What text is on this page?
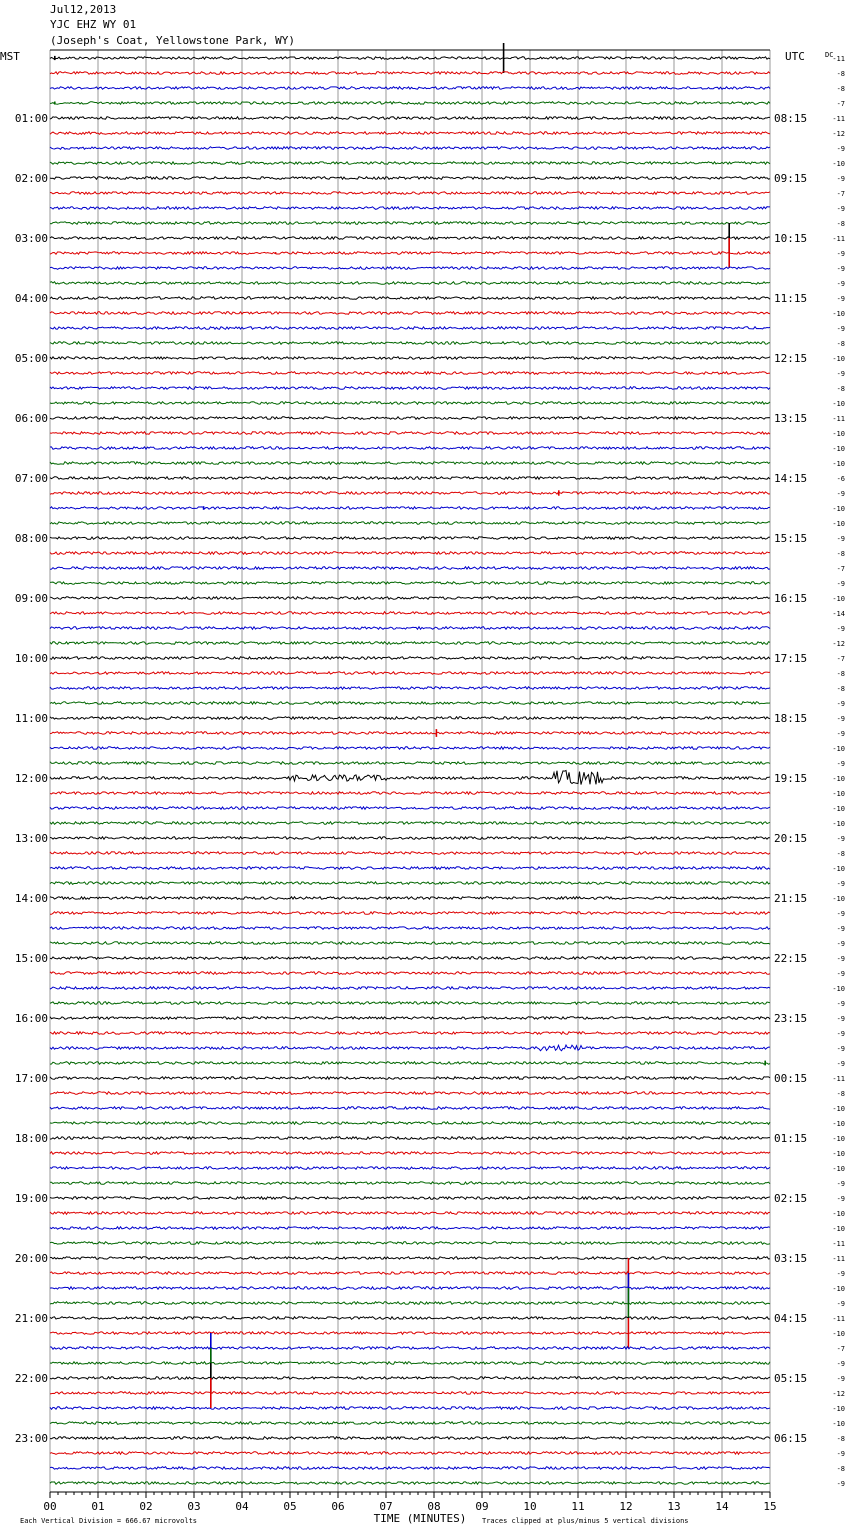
Jul12,2013
YJC EHZ WY 01
(Joseph's Coat, Yellowstone Park, WY)
00	01	02	03	04	05	06	07	08	09	10	11	12	13	14	15
-11
-8
-8
-7
-11
-12
-9
-10
-9
-7
-9
-8
-11
-9
-9
-9
-9
-10
-9
-8
-10
-9
-8
-10
-11
-10
-10
-10
-6
-9
-10
-10
-9
-8
-7
-9
-10
-14
-9
-12
-7
-8
-8
-9
-9
-9
-10
-9
-10
-10
-10
-10
-9
-8
-10
-9
-10
-9
-9
-9
-9
-9
-10
-9
-9
-9
-9
-9
-11
-8
-10
-10
-10
-10
-10
-9
-9
-10
-10
-11
-11
-9
-10
-9
-11
-10
-7
-9
-9
-12
-10
-10
-8
-9
-8
-9
01:00
02:00
03:00
04:00
05:00
06:00
07:00
08:00
09:00
10:00
11:00
12:00
13:00
14:00
15:00
16:00
17:00
18:00
19:00
20:00
21:00
22:00
23:00
08:15
09:15
10:15
11:15
12:15
13:15
14:15
15:15
16:15
17:15
18:15
19:15
20:15
21:15
22:15
23:15
00:15
01:15
02:15
03:15
04:15
05:15
06:15
MST	UTC	DC
TIME (MINUTES)
Each Vertical Division = 666.67 microvolts	Traces clipped at plus/minus 5 vertical divisions
